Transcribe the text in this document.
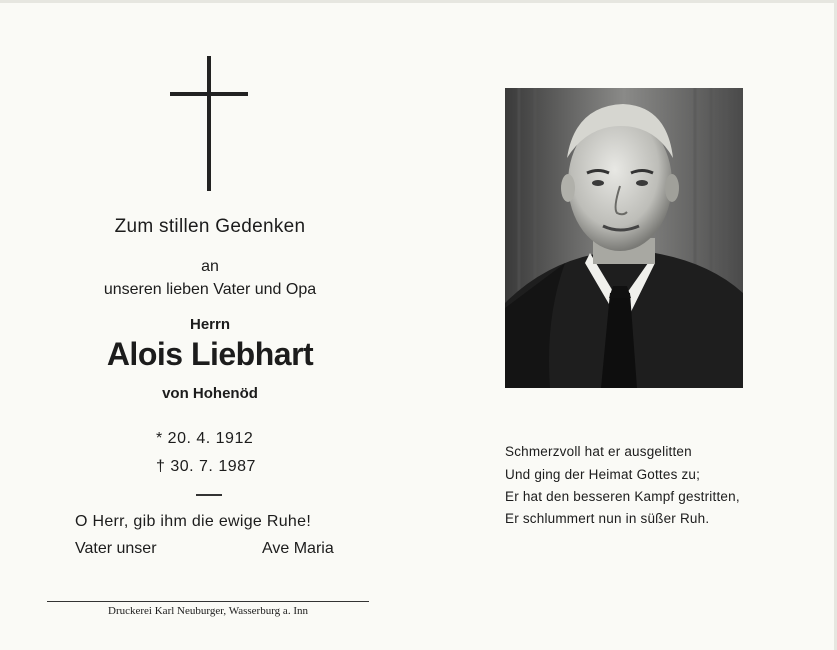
Zum stillen Gedenken
an
unseren lieben Vater und Opa
Herrn
Alois Liebhart
von Hohenöd
* 20. 4. 1912
† 30. 7. 1987
O Herr, gib ihm die ewige Ruhe!
Vater unser	Ave Maria
Druckerei Karl Neuburger, Wasserburg a. Inn
Schmerzvoll hat er ausgelitten
Und ging der Heimat Gottes zu;
Er hat den besseren Kampf gestritten,
Er schlummert nun in süßer Ruh.
